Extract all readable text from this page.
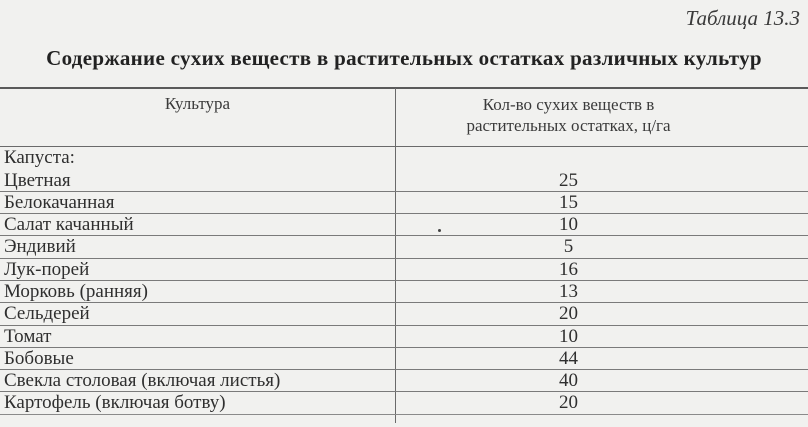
Таблица 13.3
Содержание сухих веществ в растительных остатках различных культур
Культура	Кол-во сухих веществ в
растительных остатках, ц/га
Капуста:
Цветная	25
Белокачанная	15
Салат качанный	10
Эндивий	5
Лук-порей	16
Морковь (ранняя)	13
Сельдерей	20
Томат	10
Бобовые	44
Свекла столовая (включая листья)	40
Картофель (включая ботву)	20
